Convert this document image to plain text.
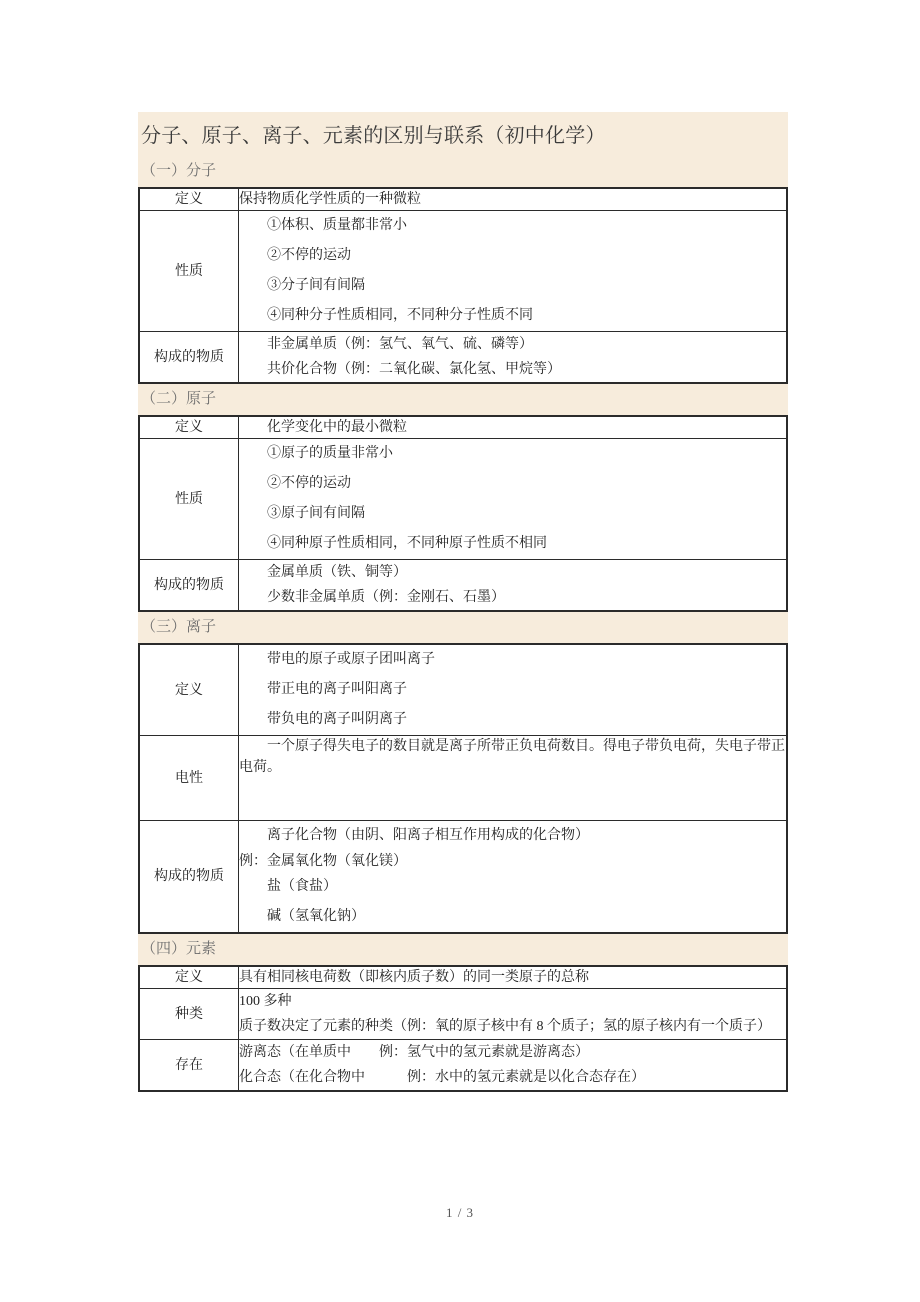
分子、原子、离子、元素的区别与联系（初中化学）
（一）分子
定义	保持物质化学性质的一种微粒

性质	①体积、质量都非常小
②不停的运动
③分子间有间隔
④同种分子性质相同，不同种分子性质不同

构成的物质	非金属单质（例：氢气、氧气、硫、磷等）
共价化合物（例：二氧化碳、氯化氢、甲烷等）
（二）原子
定义	化学变化中的最小微粒

性质	①原子的质量非常小
②不停的运动
③原子间有间隔
④同种原子性质相同，不同种原子性质不相同

构成的物质	金属单质（铁、铜等）
少数非金属单质（例：金刚石、石墨）
（三）离子
定义	带电的原子或原子团叫离子
带正电的离子叫阳离子
带负电的离子叫阴离子

电性	一个原子得失电子的数目就是离子所带正负电荷数目。得电子带负电荷，失电子带正电荷。

构成的物质	离子化合物（由阴、阳离子相互作用构成的化合物）
例：金属氧化物（氧化镁）
盐（食盐）
碱（氢氧化钠）
（四）元素
定义	具有相同核电荷数（即核内质子数）的同一类原子的总称

种类	100 多种
质子数决定了元素的种类（例：氧的原子核中有 8 个质子；氢的原子核内有一个质子）

存在	游离态（在单质中　　例：氢气中的氢元素就是游离态）
化合态（在化合物中　　　例：水中的氢元素就是以化合态存在）
1 / 3
